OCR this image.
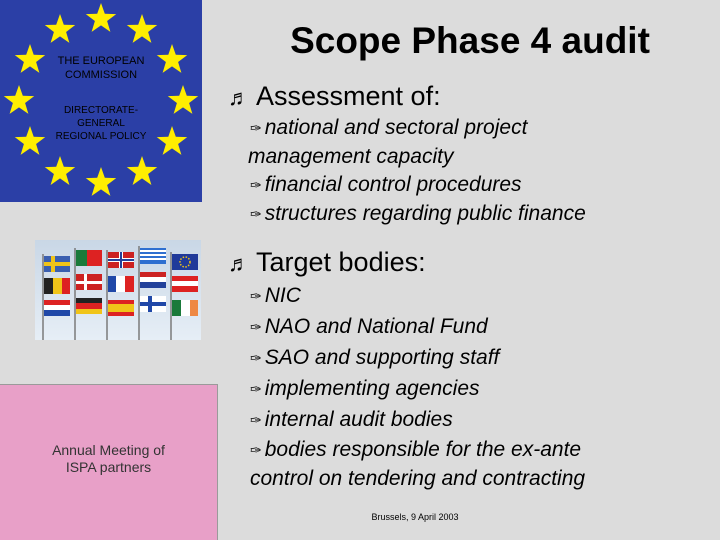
THE EUROPEAN
COMMISSION
DIRECTORATE-
GENERAL
REGIONAL POLICY
Annual Meeting of
ISPA partners
Scope Phase 4 audit
♬ Assessment of:
✑ national and sectoral project
management capacity
✑ financial control procedures
✑ structures regarding public finance
♬ Target bodies:
✑ NIC
✑ NAO and National Fund
✑ SAO and supporting staff
✑ implementing agencies
✑ internal audit bodies
✑ bodies responsible for the ex-ante
control on tendering and contracting
Brussels, 9 April 2003
